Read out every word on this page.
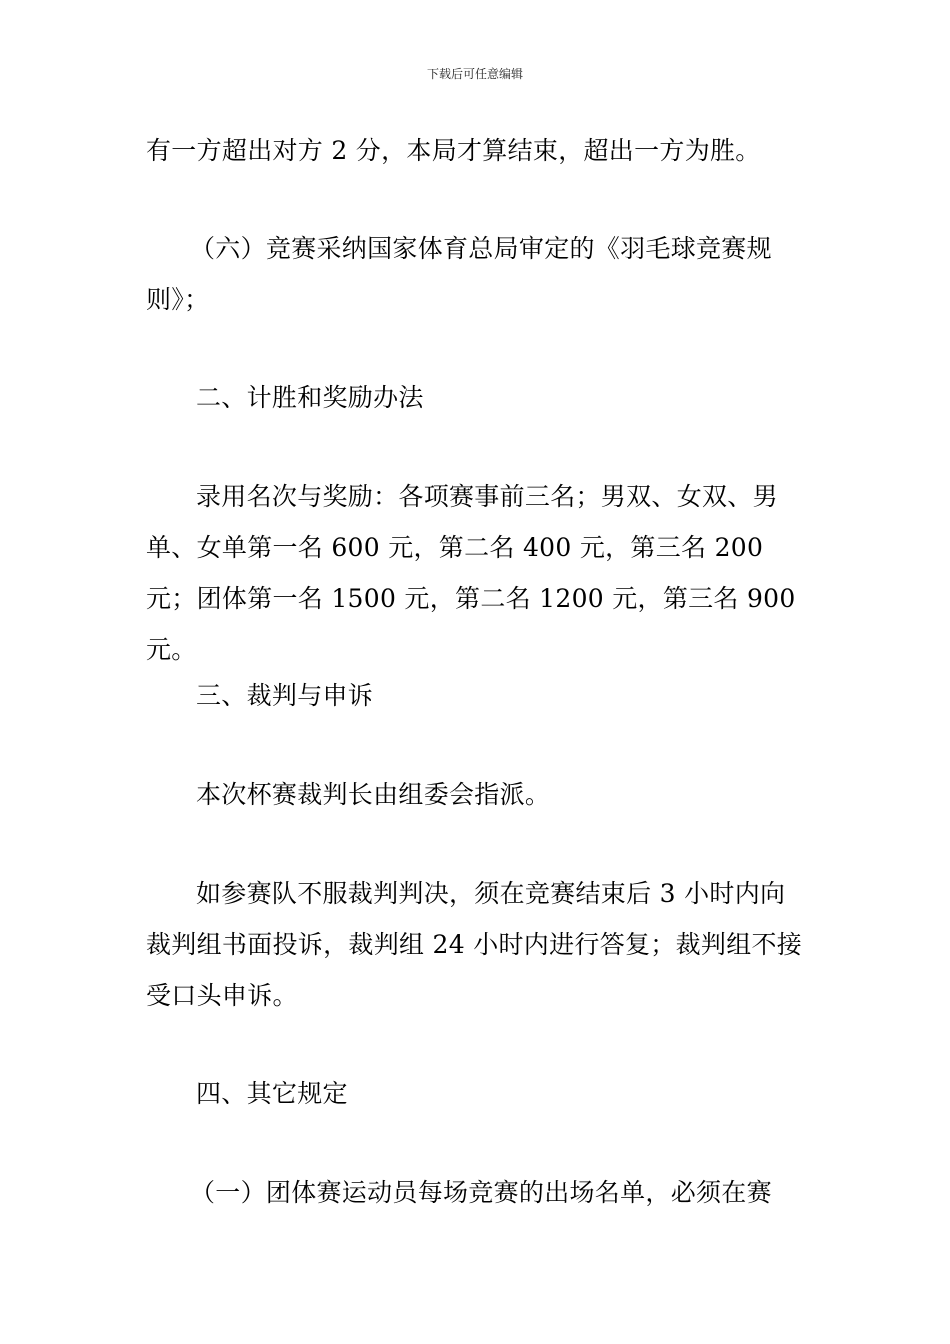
下载后可任意编辑
有一方超出对方 2 分，本局才算结束，超出一方为胜。
（六）竞赛采纳国家体育总局审定的《羽毛球竞赛规则》；
二、计胜和奖励办法
录用名次与奖励：各项赛事前三名；男双、女双、男单、女单第一名 600 元，第二名 400 元，第三名 200 元；团体第一名 1500 元，第二名 1200 元，第三名 900 元。
三、裁判与申诉
本次杯赛裁判长由组委会指派。
如参赛队不服裁判判决，须在竞赛结束后 3 小时内向裁判组书面投诉，裁判组 24 小时内进行答复；裁判组不接受口头申诉。
四、其它规定
（一）团体赛运动员每场竞赛的出场名单，必须在赛
